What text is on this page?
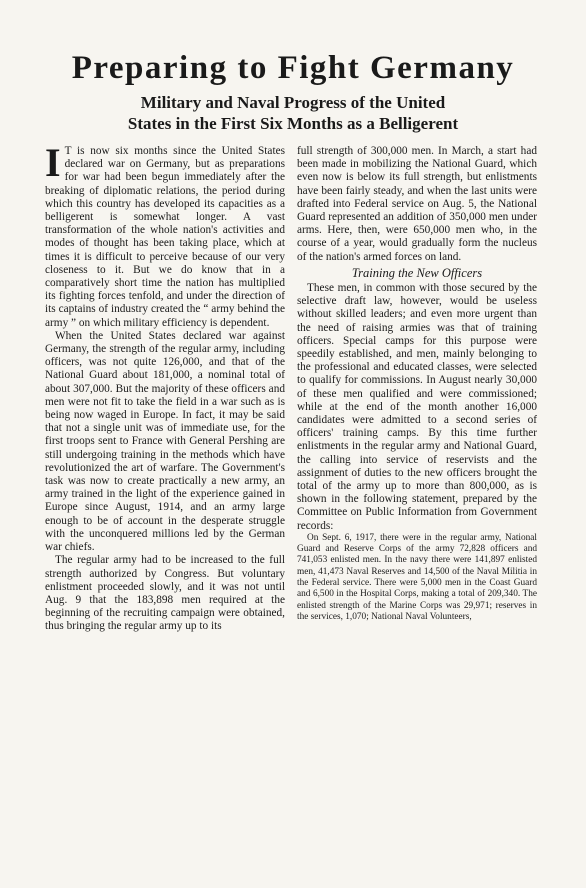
Preparing to Fight Germany
Military and Naval Progress of the United
States in the First Six Months as a Belligerent

I T is now six months since the United States declared war on Germany, but as preparations for war had been begun immediately after the breaking of diplomatic relations, the period during which this country has developed its capacities as a belligerent is somewhat longer. A vast transformation of the whole nation's activities and modes of thought has been taking place, which at times it is difficult to perceive because of our very closeness to it. But we do know that in a comparatively short time the nation has multiplied its fighting forces tenfold, and under the direction of its captains of industry created the “ army behind the army ” on which military efficiency is dependent.

When the United States declared war against Germany, the strength of the regular army, including officers, was not quite 126,000, and that of the National Guard about 181,000, a nominal total of about 307,000. But the majority of these officers and men were not fit to take the field in a war such as is being now waged in Europe. In fact, it may be said that not a single unit was of immediate use, for the first troops sent to France with General Pershing are still undergoing training in the methods which have revolutionized the art of warfare. The Government's task was now to create practically a new army, an army trained in the light of the experience gained in Europe since August, 1914, and an army large enough to be of account in the desperate struggle with the unconquered millions led by the German war chiefs.

The regular army had to be increased to the full strength authorized by Congress. But voluntary enlistment proceeded slowly, and it was not until Aug. 9 that the 183,898 men required at the beginning of the recruiting campaign were obtained, thus bringing the regular army up to its

full strength of 300,000 men. In March, a start had been made in mobilizing the National Guard, which even now is below its full strength, but enlistments have been fairly steady, and when the last units were drafted into Federal service on Aug. 5, the National Guard represented an addition of 350,000 men under arms. Here, then, were 650,000 men who, in the course of a year, would gradually form the nucleus of the nation's armed forces on land.

Training the New Officers

These men, in common with those secured by the selective draft law, however, would be useless without skilled leaders; and even more urgent than the need of raising armies was that of training officers. Special camps for this purpose were speedily established, and men, mainly belonging to the professional and educated classes, were selected to qualify for commissions. In August nearly 30,000 of these men qualified and were commissioned; while at the end of the month another 16,000 candidates were admitted to a second series of officers' training camps. By this time further enlistments in the regular army and National Guard, the calling into service of reservists and the assignment of duties to the new officers brought the total of the army up to more than 800,000, as is shown in the following statement, prepared by the Committee on Public Information from Government records:

On Sept. 6, 1917, there were in the regular army, National Guard and Reserve Corps of the army 72,828 officers and 741,053 enlisted men. In the navy there were 141,897 enlisted men, 41,473 Naval Reserves and 14,500 of the Naval Militia in the Federal service. There were 5,000 men in the Coast Guard and 6,500 in the Hospital Corps, making a total of 209,340. The enlisted strength of the Marine Corps was 29,971; reserves in the services, 1,070; National Naval Volunteers,
